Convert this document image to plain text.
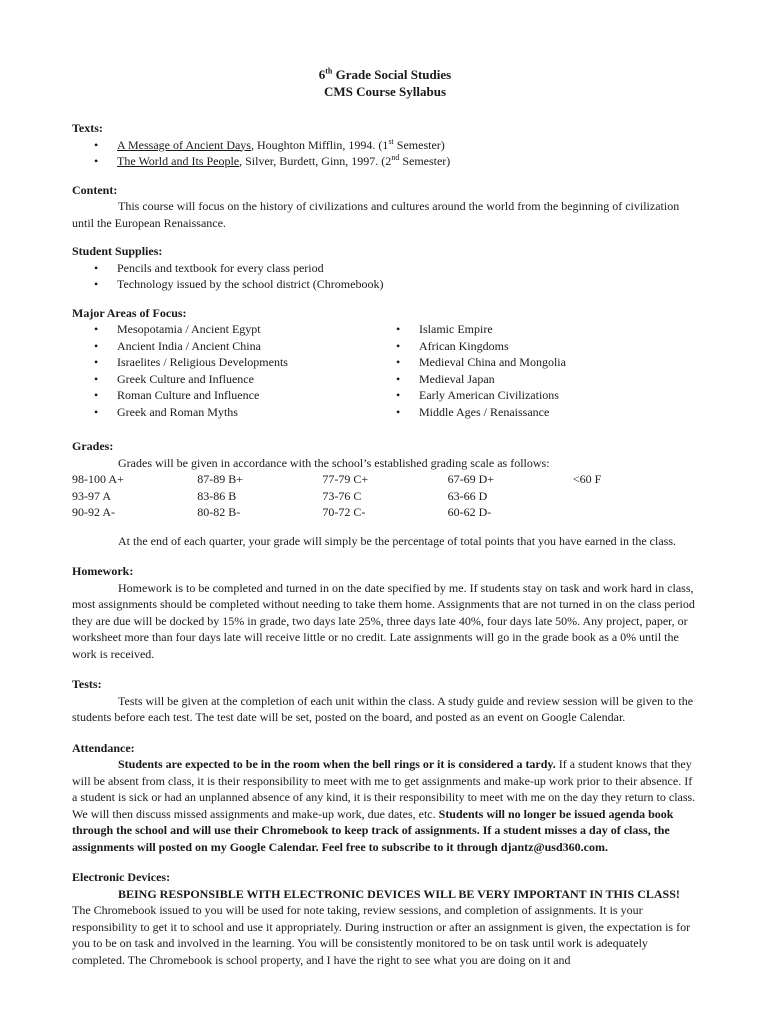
6th Grade Social Studies
CMS Course Syllabus
Texts:
• A Message of Ancient Days, Houghton Mifflin, 1994. (1st Semester)
• The World and Its People, Silver, Burdett, Ginn, 1997. (2nd Semester)
Content:

This course will focus on the history of civilizations and cultures around the world from the beginning of civilization until the European Renaissance.

Student Supplies:
• Pencils and textbook for every class period
• Technology issued by the school district (Chromebook)
Major Areas of Focus:
• Mesopotamia / Ancient Egypt
• Ancient India / Ancient China
• Israelites / Religious Developments
• Greek Culture and Influence
• Roman Culture and Influence
• Greek and Roman Myths
• Islamic Empire
• African Kingdoms
• Medieval China and Mongolia
• Medieval Japan
• Early American Civilizations
• Middle Ages / Renaissance
Grades:

Grades will be given in accordance with the school’s established grading scale as follows:

98-100 A+	87-89 B+	77-79 C+	67-69 D+	<60 F
93-97 A	83-86 B	73-76 C	63-66 D
90-92 A-	80-82 B-	70-72 C-	60-62 D-

At the end of each quarter, your grade will simply be the percentage of total points that you have earned in the class.

Homework:

Homework is to be completed and turned in on the date specified by me. If students stay on task and work hard in class, most assignments should be completed without needing to take them home. Assignments that are not turned in on the class period they are due will be docked by 15% in grade, two days late 25%, three days late 40%, four days late 50%. Any project, paper, or worksheet more than four days late will receive little or no credit. Late assignments will go in the grade book as a 0% until the work is received.

Tests:

Tests will be given at the completion of each unit within the class. A study guide and review session will be given to the students before each test. The test date will be set, posted on the board, and posted as an event on Google Calendar.

Attendance:

Students are expected to be in the room when the bell rings or it is considered a tardy. If a student knows that they will be absent from class, it is their responsibility to meet with me to get assignments and make-up work prior to their absence. If a student is sick or had an unplanned absence of any kind, it is their responsibility to meet with me on the day they return to class. We will then discuss missed assignments and make-up work, due dates, etc. Students will no longer be issued agenda book through the school and will use their Chromebook to keep track of assignments. If a student misses a day of class, the assignments will posted on my Google Calendar. Feel free to subscribe to it through djantz@usd360.com.

Electronic Devices:

BEING RESPONSIBLE WITH ELECTRONIC DEVICES WILL BE VERY IMPORTANT IN THIS CLASS! The Chromebook issued to you will be used for note taking, review sessions, and completion of assignments. It is your responsibility to get it to school and use it appropriately. During instruction or after an assignment is given, the expectation is for you to be on task and involved in the learning. You will be consistently monitored to be on task until work is adequately completed. The Chromebook is school property, and I have the right to see what you are doing on it and
